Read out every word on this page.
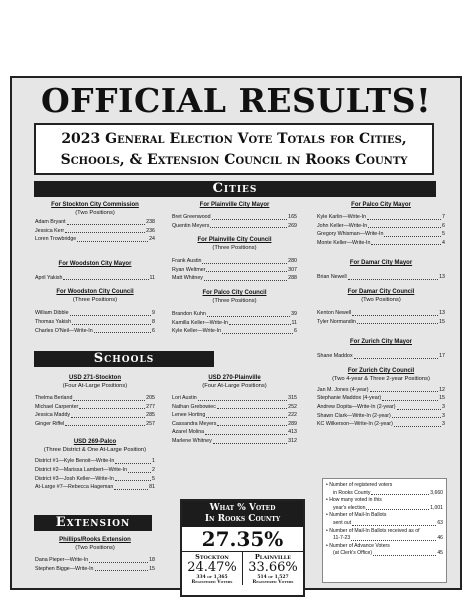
OFFICIAL RESULTS!
2023 General Election Vote Totals for Cities,
Schools, & Extension Council in Rooks County
Cities
Schools
Extension
For Stockton City Commission
(Two Positions)
Adam Bryant	238
Jessica Kerr	236
Loren Trowbridge	24
For Woodston City Mayor
April Yakish	11
For Woodston City Council
(Three Positions)
William Dibble	9
Thomas Yakish	8
Charles O'Neil—Write-In	6
USD 271-Stockton
(Four At-Large Positions)
Thelma Berland	205
Michael Carpenter	277
Jessica Maddy	285
Ginger Riffel	257
USD 269-Palco
(Three District & One At-Large Position)
District #1—Kyle Benoit—Write-In	1
District #2—Marissa Lambert—Write-In	2
District #3—Josh Keller—Write-In	5
At-Large #7—Rebecca Hageman	81
Phillips/Rooks Extension
(Two Positions)
Dana Pieper—Write-In	18
Stephen Bigge—Write-In	15
For Plainville City Mayor
Bret Greenwood	165
Quentin Meyers	269
For Plainville City Council
(Three Positions)
Frank Austin	280
Ryan Weltmer	307
Matt Whitney	288
For Palco City Council
(Three Positions)
Brandon Kuhn	39
Kamilla Keller—Write-In	11
Kyle Keller—Write-In	6
USD 270-Plainville
(Four At-Large Positions)
Lori Austin	315
Nathan Grebowiec	252
Lenee Horting	222
Cassandra Meyers	289
Azarel Molina	413
Marlene Whitney	312
For Palco City Mayor
Kyle Karlin—Write-In	7
John Keller—Write-In	6
Gregory Whisman—Write-In	5
Monte Keller—Write-In	4
For Damar City Mayor
Brian Newell	13
For Damar City Council
(Two Positions)
Kenton Newell	13
Tyler Normandin	15
For Zurich City Mayor
Shane Maddox	17
For Zurich City Council
(Two 4-year & Three 2-year Positions)
Jan M. Jones (4-year)	12
Stephanie Maddox (4-year)	15
Andrew Dopita—Write-In (2-year)	3
Shawn Clark—Write-In (2-year)	3
KC Wilkerson—Write-In (2-year)	3
What % Voted
In Rooks County
27.35%
Stockton
24.47%
334 of 1,365
Registered Voters
Plainville
33.66%
514 of 1,527
Registered Voters
• Number of registered voters
in Rooks County	3,660
• How many voted in this
year's election	1,001
• Number of Mail-In Ballots
sent out	63
• Number of Mail-In Ballots received as of
11-7-23	46
• Number of Advance Voters
(at Clerk's Office)	45
